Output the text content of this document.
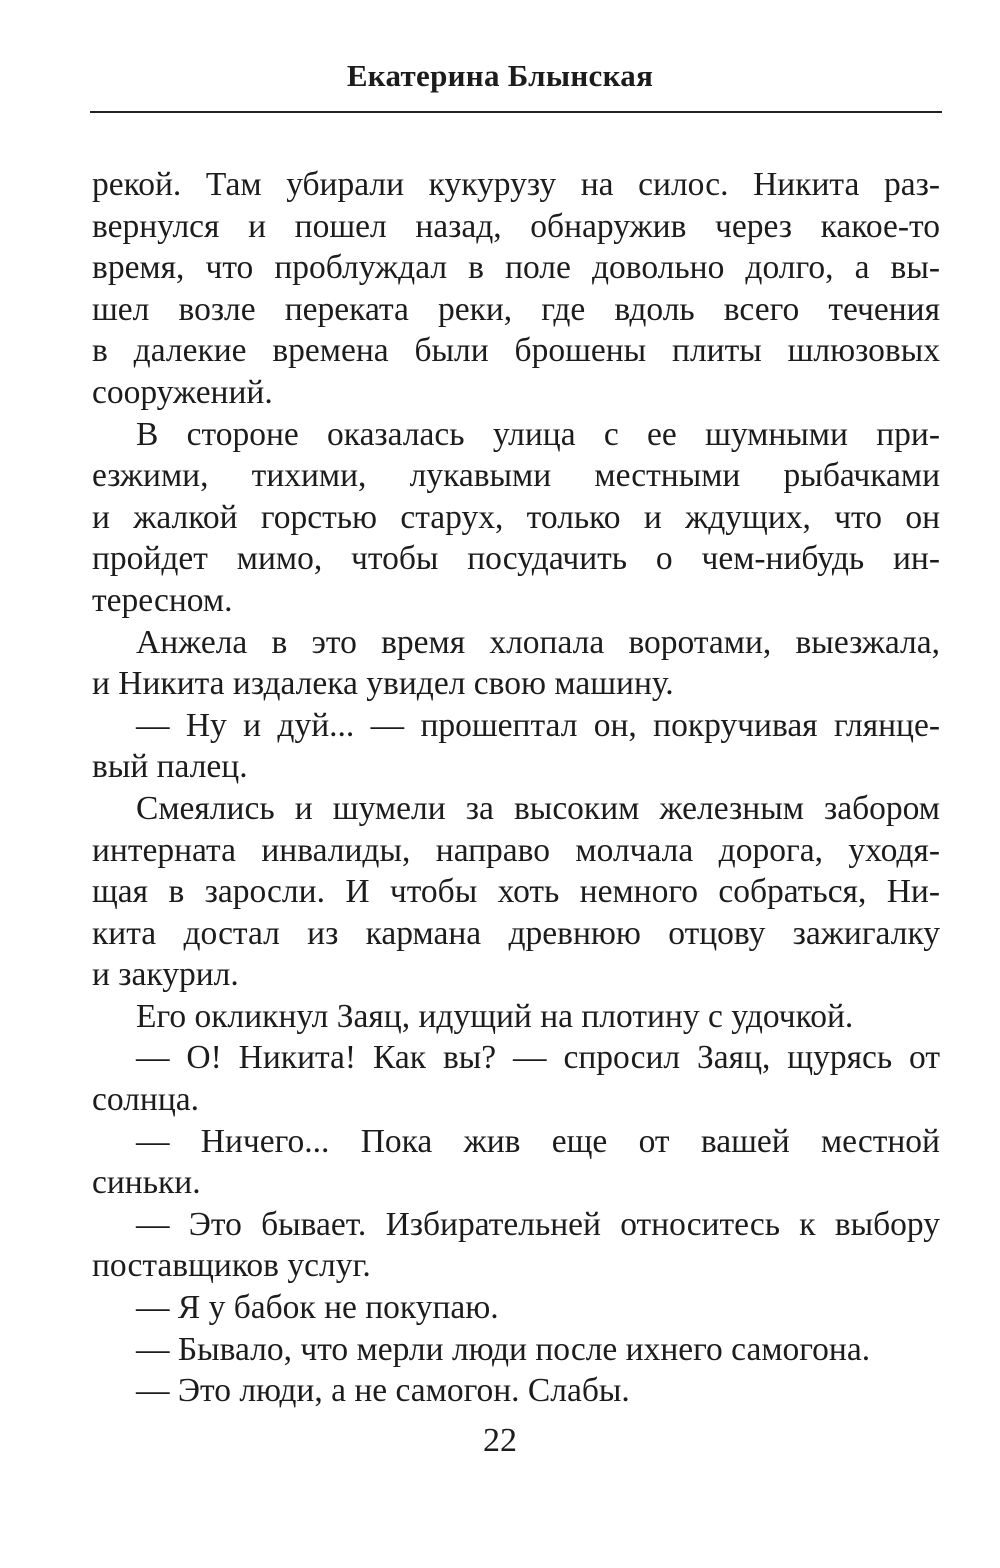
Екатерина Блынская
рекой. Там убирали кукурузу на силос. Никита раз-
вернулся и пошел назад, обнаружив через какое-то
время, что проблуждал в поле довольно долго, а вы-
шел возле переката реки, где вдоль всего течения
в далекие времена были брошены плиты шлюзовых
сооружений.
В стороне оказалась улица с ее шумными при-
езжими, тихими, лукавыми местными рыбачками
и жалкой горстью старух, только и ждущих, что он
пройдет мимо, чтобы посудачить о чем-нибудь ин-
тересном.
Анжела в это время хлопала воротами, выезжала,
и Никита издалека увидел свою машину.
— Ну и дуй... — прошептал он, покручивая глянце-
вый палец.
Смеялись и шумели за высоким железным забором
интерната инвалиды, направо молчала дорога, уходя-
щая в заросли. И чтобы хоть немного собраться, Ни-
кита достал из кармана древнюю отцову зажигалку
и закурил.
Его окликнул Заяц, идущий на плотину с удочкой.
— О! Никита! Как вы? — спросил Заяц, щурясь от
солнца.
— Ничего... Пока жив еще от вашей местной
синьки.
— Это бывает. Избирательней относитесь к выбору
поставщиков услуг.
— Я у бабок не покупаю.
— Бывало, что мерли люди после ихнего самогона.
— Это люди, а не самогон. Слабы.
22
